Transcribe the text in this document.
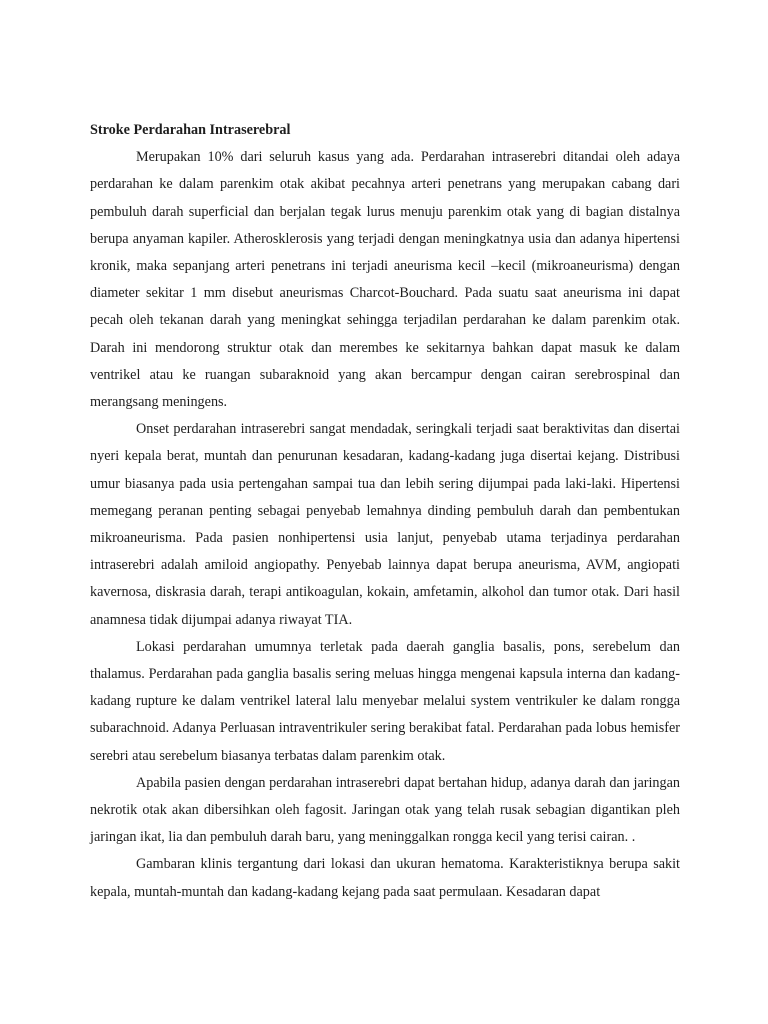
Stroke Perdarahan Intraserebral

Merupakan 10% dari seluruh kasus yang ada. Perdarahan intraserebri ditandai oleh adaya perdarahan ke dalam parenkim otak akibat pecahnya arteri penetrans yang merupakan cabang dari pembuluh darah superficial dan berjalan tegak lurus menuju parenkim otak yang di bagian distalnya berupa anyaman kapiler. Atherosklerosis yang terjadi dengan meningkatnya usia dan adanya hipertensi kronik, maka sepanjang arteri penetrans ini terjadi aneurisma kecil –kecil (mikroaneurisma) dengan diameter sekitar 1 mm disebut aneurismas Charcot-Bouchard. Pada suatu saat aneurisma ini dapat pecah oleh tekanan darah yang meningkat sehingga terjadilan perdarahan ke dalam parenkim otak. Darah ini mendorong struktur otak dan merembes ke sekitarnya bahkan dapat masuk ke dalam ventrikel atau ke ruangan subaraknoid yang akan bercampur dengan cairan serebrospinal dan merangsang meningens.

Onset perdarahan intraserebri sangat mendadak, seringkali terjadi saat beraktivitas dan disertai nyeri kepala berat, muntah dan penurunan kesadaran, kadang-kadang juga disertai kejang. Distribusi umur biasanya pada usia pertengahan sampai tua dan lebih sering dijumpai pada laki-laki. Hipertensi memegang peranan penting sebagai penyebab lemahnya dinding pembuluh darah dan pembentukan mikroaneurisma. Pada pasien nonhipertensi usia lanjut, penyebab utama terjadinya perdarahan intraserebri adalah amiloid angiopathy. Penyebab lainnya dapat berupa aneurisma, AVM, angiopati kavernosa, diskrasia darah, terapi antikoagulan, kokain, amfetamin, alkohol dan tumor otak. Dari hasil anamnesa tidak dijumpai adanya riwayat TIA.

Lokasi perdarahan umumnya terletak pada daerah ganglia basalis, pons, serebelum dan thalamus. Perdarahan pada ganglia basalis sering meluas hingga mengenai kapsula interna dan kadang-kadang rupture ke dalam ventrikel lateral lalu menyebar melalui system ventrikuler ke dalam rongga subarachnoid. Adanya Perluasan intraventrikuler sering berakibat fatal. Perdarahan pada lobus hemisfer serebri atau serebelum biasanya terbatas dalam parenkim otak.

Apabila pasien dengan perdarahan intraserebri dapat bertahan hidup, adanya darah dan jaringan nekrotik otak akan dibersihkan oleh fagosit. Jaringan otak yang telah rusak sebagian digantikan pleh jaringan ikat, lia dan pembuluh darah baru, yang meninggalkan rongga kecil yang terisi cairan. .

Gambaran klinis tergantung dari lokasi dan ukuran hematoma. Karakteristiknya berupa sakit kepala, muntah-muntah dan kadang-kadang kejang pada saat permulaan. Kesadaran dapat
